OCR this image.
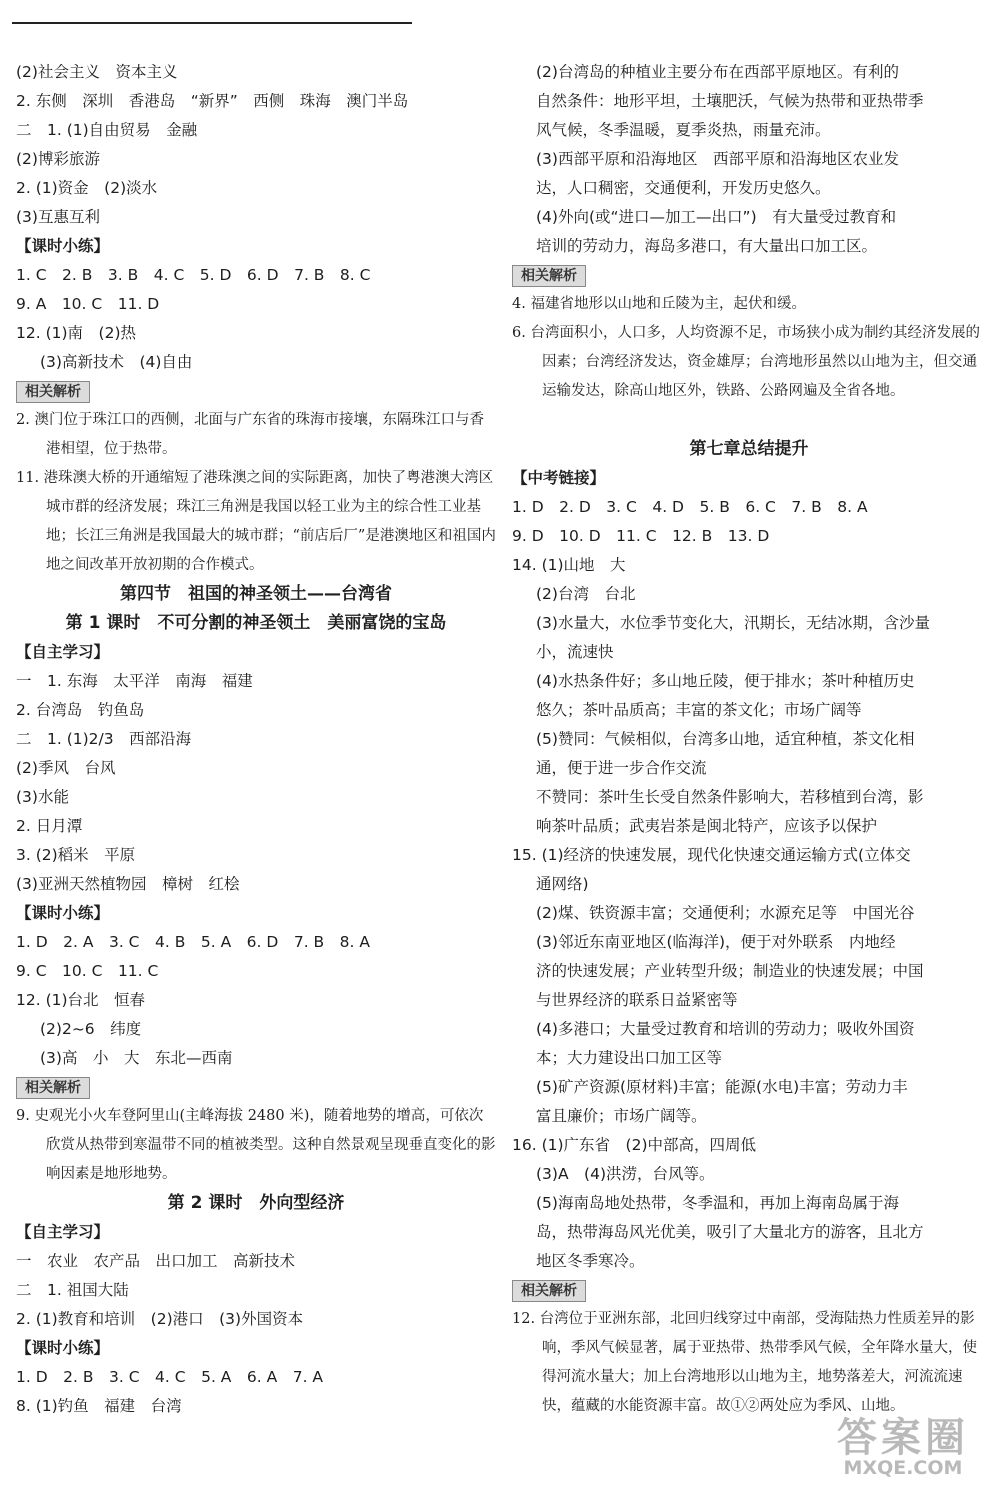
(2)社会主义　资本主义
2. 东侧　深圳　香港岛　“新界”　西侧　珠海　澳门半岛
二　1. (1)自由贸易　金融
(2)博彩旅游
2. (1)资金　(2)淡水
(3)互惠互利
【课时小练】
1. C　2. B　3. B　4. C　5. D　6. D　7. B　8. C
9. A　10. C　11. D
12. (1)南　(2)热
(3)高新技术　(4)自由
相关解析
2. 澳门位于珠江口的西侧，北面与广东省的珠海市接壤，东隔珠江口与香港相望，位于热带。
11. 港珠澳大桥的开通缩短了港珠澳之间的实际距离，加快了粤港澳大湾区城市群的经济发展；珠江三角洲是我国以轻工业为主的综合性工业基地；长江三角洲是我国最大的城市群；“前店后厂”是港澳地区和祖国内地之间改革开放初期的合作模式。
第四节　祖国的神圣领土——台湾省
第 1 课时　不可分割的神圣领土　美丽富饶的宝岛
【自主学习】
一　1. 东海　太平洋　南海　福建
2. 台湾岛　钓鱼岛
二　1. (1)2/3　西部沿海
(2)季风　台风
(3)水能
2. 日月潭
3. (2)稻米　平原
(3)亚洲天然植物园　樟树　红桧
【课时小练】
1. D　2. A　3. C　4. B　5. A　6. D　7. B　8. A
9. C　10. C　11. C
12. (1)台北　恒春
(2)2~6　纬度
(3)高　小　大　东北—西南
相关解析
9. 史观光小火车登阿里山(主峰海拔 2480 米)，随着地势的增高，可依次欣赏从热带到寒温带不同的植被类型。这种自然景观呈现垂直变化的影响因素是地形地势。
第 2 课时　外向型经济
【自主学习】
一　农业　农产品　出口加工　高新技术
二　1. 祖国大陆
2. (1)教育和培训　(2)港口　(3)外国资本
【课时小练】
1. D　2. B　3. C　4. C　5. A　6. A　7. A
8. (1)钓鱼　福建　台湾
(2)台湾岛的种植业主要分布在西部平原地区。有利的
自然条件：地形平坦，土壤肥沃，气候为热带和亚热带季
风气候，冬季温暖，夏季炎热，雨量充沛。
(3)西部平原和沿海地区　西部平原和沿海地区农业发
达，人口稠密，交通便利，开发历史悠久。
(4)外向(或“进口—加工—出口”)　有大量受过教育和
培训的劳动力，海岛多港口，有大量出口加工区。
相关解析
4. 福建省地形以山地和丘陵为主，起伏和缓。
6. 台湾面积小，人口多，人均资源不足，市场狭小成为制约其经济发展的因素；台湾经济发达，资金雄厚；台湾地形虽然以山地为主，但交通运输发达，除高山地区外，铁路、公路网遍及全省各地。
第七章总结提升
【中考链接】
1. D　2. D　3. C　4. D　5. B　6. C　7. B　8. A
9. D　10. D　11. C　12. B　13. D
14. (1)山地　大
(2)台湾　台北
(3)水量大，水位季节变化大，汛期长，无结冰期，含沙量
小，流速快
(4)水热条件好；多山地丘陵，便于排水；茶叶种植历史
悠久；茶叶品质高；丰富的茶文化；市场广阔等
(5)赞同：气候相似，台湾多山地，适宜种植，茶文化相
通，便于进一步合作交流
不赞同：茶叶生长受自然条件影响大，若移植到台湾，影
响茶叶品质；武夷岩茶是闽北特产，应该予以保护
15. (1)经济的快速发展，现代化快速交通运输方式(立体交
通网络)
(2)煤、铁资源丰富；交通便利；水源充足等　中国光谷
(3)邻近东南亚地区(临海洋)，便于对外联系　内地经
济的快速发展；产业转型升级；制造业的快速发展；中国
与世界经济的联系日益紧密等
(4)多港口；大量受过教育和培训的劳动力；吸收外国资
本；大力建设出口加工区等
(5)矿产资源(原材料)丰富；能源(水电)丰富；劳动力丰
富且廉价；市场广阔等。
16. (1)广东省　(2)中部高，四周低
(3)A　(4)洪涝，台风等。
(5)海南岛地处热带，冬季温和，再加上海南岛属于海
岛，热带海岛风光优美，吸引了大量北方的游客，且北方
地区冬季寒冷。
相关解析
12. 台湾位于亚洲东部，北回归线穿过中南部，受海陆热力性质差异的影响，季风气候显著，属于亚热带、热带季风气候，全年降水量大，使得河流水量大；加上台湾地形以山地为主，地势落差大，河流流速快，蕴藏的水能资源丰富。故①②两处应为季风、山地。
答案圈
MXQE.COM
